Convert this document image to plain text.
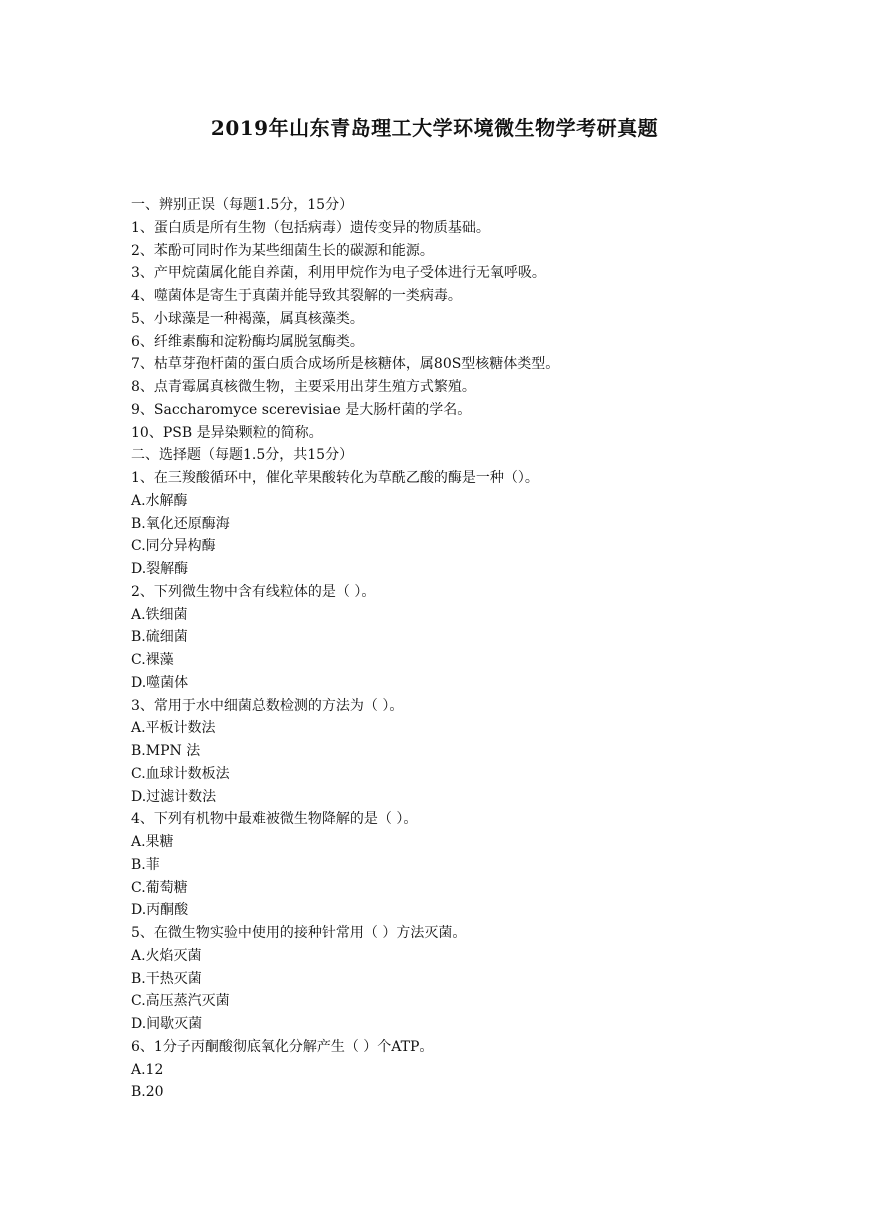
2019年山东青岛理工大学环境微生物学考研真题
一、辨别正误（每题1.5分，15分）
1、蛋白质是所有生物（包括病毒）遗传变异的物质基础。
2、苯酚可同时作为某些细菌生长的碳源和能源。
3、产甲烷菌属化能自养菌，利用甲烷作为电子受体进行无氧呼吸。
4、噬菌体是寄生于真菌并能导致其裂解的一类病毒。
5、小球藻是一种褐藻，属真核藻类。
6、纤维素酶和淀粉酶均属脱氢酶类。
7、枯草芽孢杆菌的蛋白质合成场所是核糖体，属80S型核糖体类型。
8、点青霉属真核微生物，主要采用出芽生殖方式繁殖。
9、Saccharomyce scerevisiae 是大肠杆菌的学名。
10、PSB 是异染颗粒的简称。
二、选择题（每题1.5分，共15分）
1、在三羧酸循环中，催化苹果酸转化为草酰乙酸的酶是一种（）。
A.水解酶
B.氧化还原酶海
C.同分异构酶
D.裂解酶
2、下列微生物中含有线粒体的是（ ）。
A.铁细菌
B.硫细菌
C.裸藻
D.噬菌体
3、常用于水中细菌总数检测的方法为（ ）。
A.平板计数法
B.MPN 法
C.血球计数板法
D.过滤计数法
4、下列有机物中最难被微生物降解的是（ ）。
A.果糖
B.菲
C.葡萄糖
D.丙酮酸
5、在微生物实验中使用的接种针常用（ ）方法灭菌。
A.火焰灭菌
B.干热灭菌
C.高压蒸汽灭菌
D.间歇灭菌
6、1分子丙酮酸彻底氧化分解产生（ ）个ATP。
A.12
B.20
